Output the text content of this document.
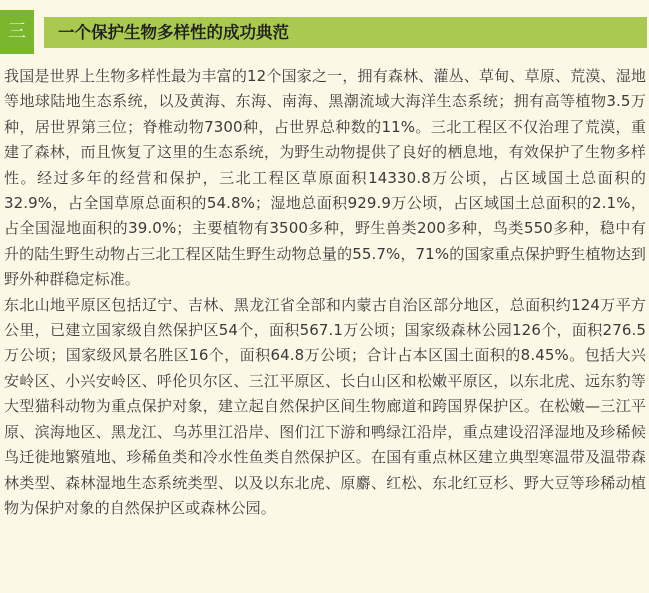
三	一个保护生物多样性的成功典范

我国是世界上生物多样性最为丰富的12个国家之一，拥有森林、灌丛、草甸、草原、荒漠、湿地等地球陆地生态系统，以及黄海、东海、南海、黑潮流域大海洋生态系统；拥有高等植物3.5万种，居世界第三位；脊椎动物7300种，占世界总种数的11%。三北工程区不仅治理了荒漠，重建了森林，而且恢复了这里的生态系统，为野生动物提供了良好的栖息地，有效保护了生物多样性。经过多年的经营和保护，三北工程区草原面积14330.8万公顷，占区域国土总面积的32.9%，占全国草原总面积的54.8%；湿地总面积929.9万公顷，占区域国土总面积的2.1%，占全国湿地面积的39.0%；主要植物有3500多种，野生兽类200多种，鸟类550多种，稳中有升的陆生野生动物占三北工程区陆生野生动物总量的55.7%，71%的国家重点保护野生植物达到野外种群稳定标准。

东北山地平原区包括辽宁、吉林、黑龙江省全部和内蒙古自治区部分地区，总面积约124万平方公里，已建立国家级自然保护区54个，面积567.1万公顷；国家级森林公园126个，面积276.5万公顷；国家级风景名胜区16个，面积64.8万公顷；合计占本区国土面积的8.45%。包括大兴安岭区、小兴安岭区、呼伦贝尔区、三江平原区、长白山区和松嫩平原区，以东北虎、远东豹等大型猫科动物为重点保护对象，建立起自然保护区间生物廊道和跨国界保护区。在松嫩—三江平原、滨海地区、黑龙江、乌苏里江沿岸、图们江下游和鸭绿江沿岸，重点建设沼泽湿地及珍稀候鸟迁徙地繁殖地、珍稀鱼类和冷水性鱼类自然保护区。在国有重点林区建立典型寒温带及温带森林类型、森林湿地生态系统类型、以及以东北虎、原麝、红松、东北红豆杉、野大豆等珍稀动植物为保护对象的自然保护区或森林公园。
